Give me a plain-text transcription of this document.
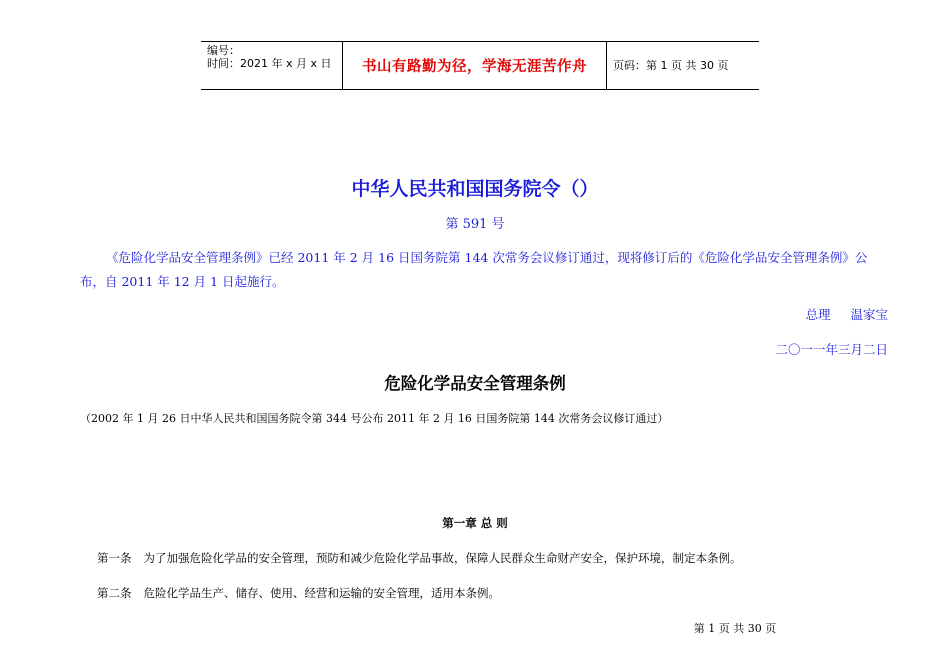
编号：
时间：2021 年 x 月 x 日 书山有路勤为径，学海无涯苦作舟 页码：第 1 页 共 30 页
中华人民共和国国务院令（）
第 591 号
《危险化学品安全管理条例》已经 2011 年 2 月 16 日国务院第 144 次常务会议修订通过，现将修订后的《危险化学品安全管理条例》公布，自 2011 年 12 月 1 日起施行。
总理 温家宝
二〇一一年三月二日
危险化学品安全管理条例
（2002 年 1 月 26 日中华人民共和国国务院令第 344 号公布 2011 年 2 月 16 日国务院第 144 次常务会议修订通过）
第一章 总 则
第一条 为了加强危险化学品的安全管理，预防和减少危险化学品事故，保障人民群众生命财产安全，保护环境，制定本条例。
第二条 危险化学品生产、储存、使用、经营和运输的安全管理，适用本条例。
第 1 页 共 30 页
